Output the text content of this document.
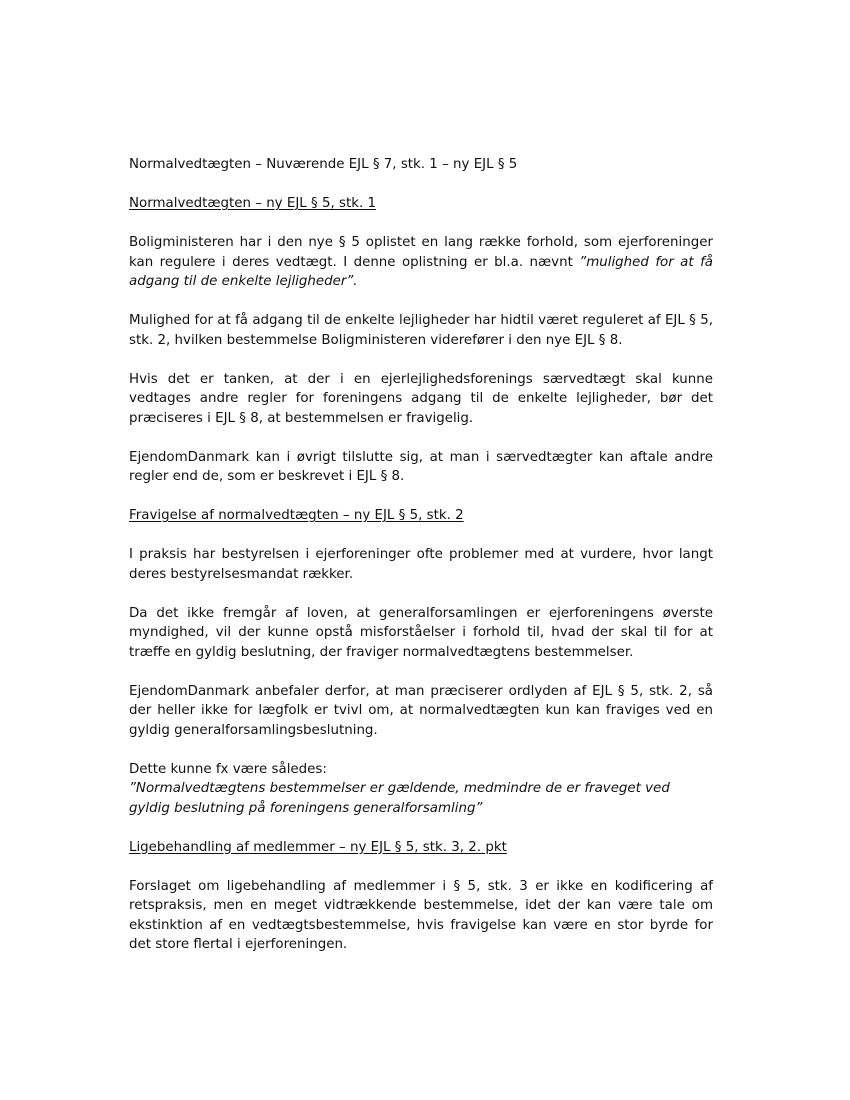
Normalvedtægten – Nuværende EJL § 7, stk. 1 – ny EJL § 5

Normalvedtægten – ny EJL § 5, stk. 1

Boligministeren har i den nye § 5 oplistet en lang række forhold, som ejerforeninger kan regulere i deres vedtægt. I denne oplistning er bl.a. nævnt ”mulighed for at få adgang til de enkelte lejligheder”.

Mulighed for at få adgang til de enkelte lejligheder har hidtil været reguleret af EJL § 5, stk. 2, hvilken bestemmelse Boligministeren viderefører i den nye EJL § 8.

Hvis det er tanken, at der i en ejerlejlighedsforenings særvedtægt skal kunne vedtages andre regler for foreningens adgang til de enkelte lejligheder, bør det præciseres i EJL § 8, at bestemmelsen er fravigelig.

EjendomDanmark kan i øvrigt tilslutte sig, at man i særvedtægter kan aftale andre regler end de, som er beskrevet i EJL § 8.

Fravigelse af normalvedtægten – ny EJL § 5, stk. 2

I praksis har bestyrelsen i ejerforeninger ofte problemer med at vurdere, hvor langt deres bestyrelsesmandat rækker.

Da det ikke fremgår af loven, at generalforsamlingen er ejerforeningens øverste myndighed, vil der kunne opstå misforståelser i forhold til, hvad der skal til for at træffe en gyldig beslutning, der fraviger normalvedtægtens bestemmelser.

EjendomDanmark anbefaler derfor, at man præciserer ordlyden af EJL § 5, stk. 2, så der heller ikke for lægfolk er tvivl om, at normalvedtægten kun kan fraviges ved en gyldig generalforsamlingsbeslutning.

Dette kunne fx være således:
”Normalvedtægtens bestemmelser er gældende, medmindre de er fraveget ved gyldig beslutning på foreningens generalforsamling”

Ligebehandling af medlemmer – ny EJL § 5, stk. 3, 2. pkt

Forslaget om ligebehandling af medlemmer i § 5, stk. 3 er ikke en kodificering af retspraksis, men en meget vidtrækkende bestemmelse, idet der kan være tale om ekstinktion af en vedtægtsbestemmelse, hvis fravigelse kan være en stor byrde for det store flertal i ejerforeningen.
